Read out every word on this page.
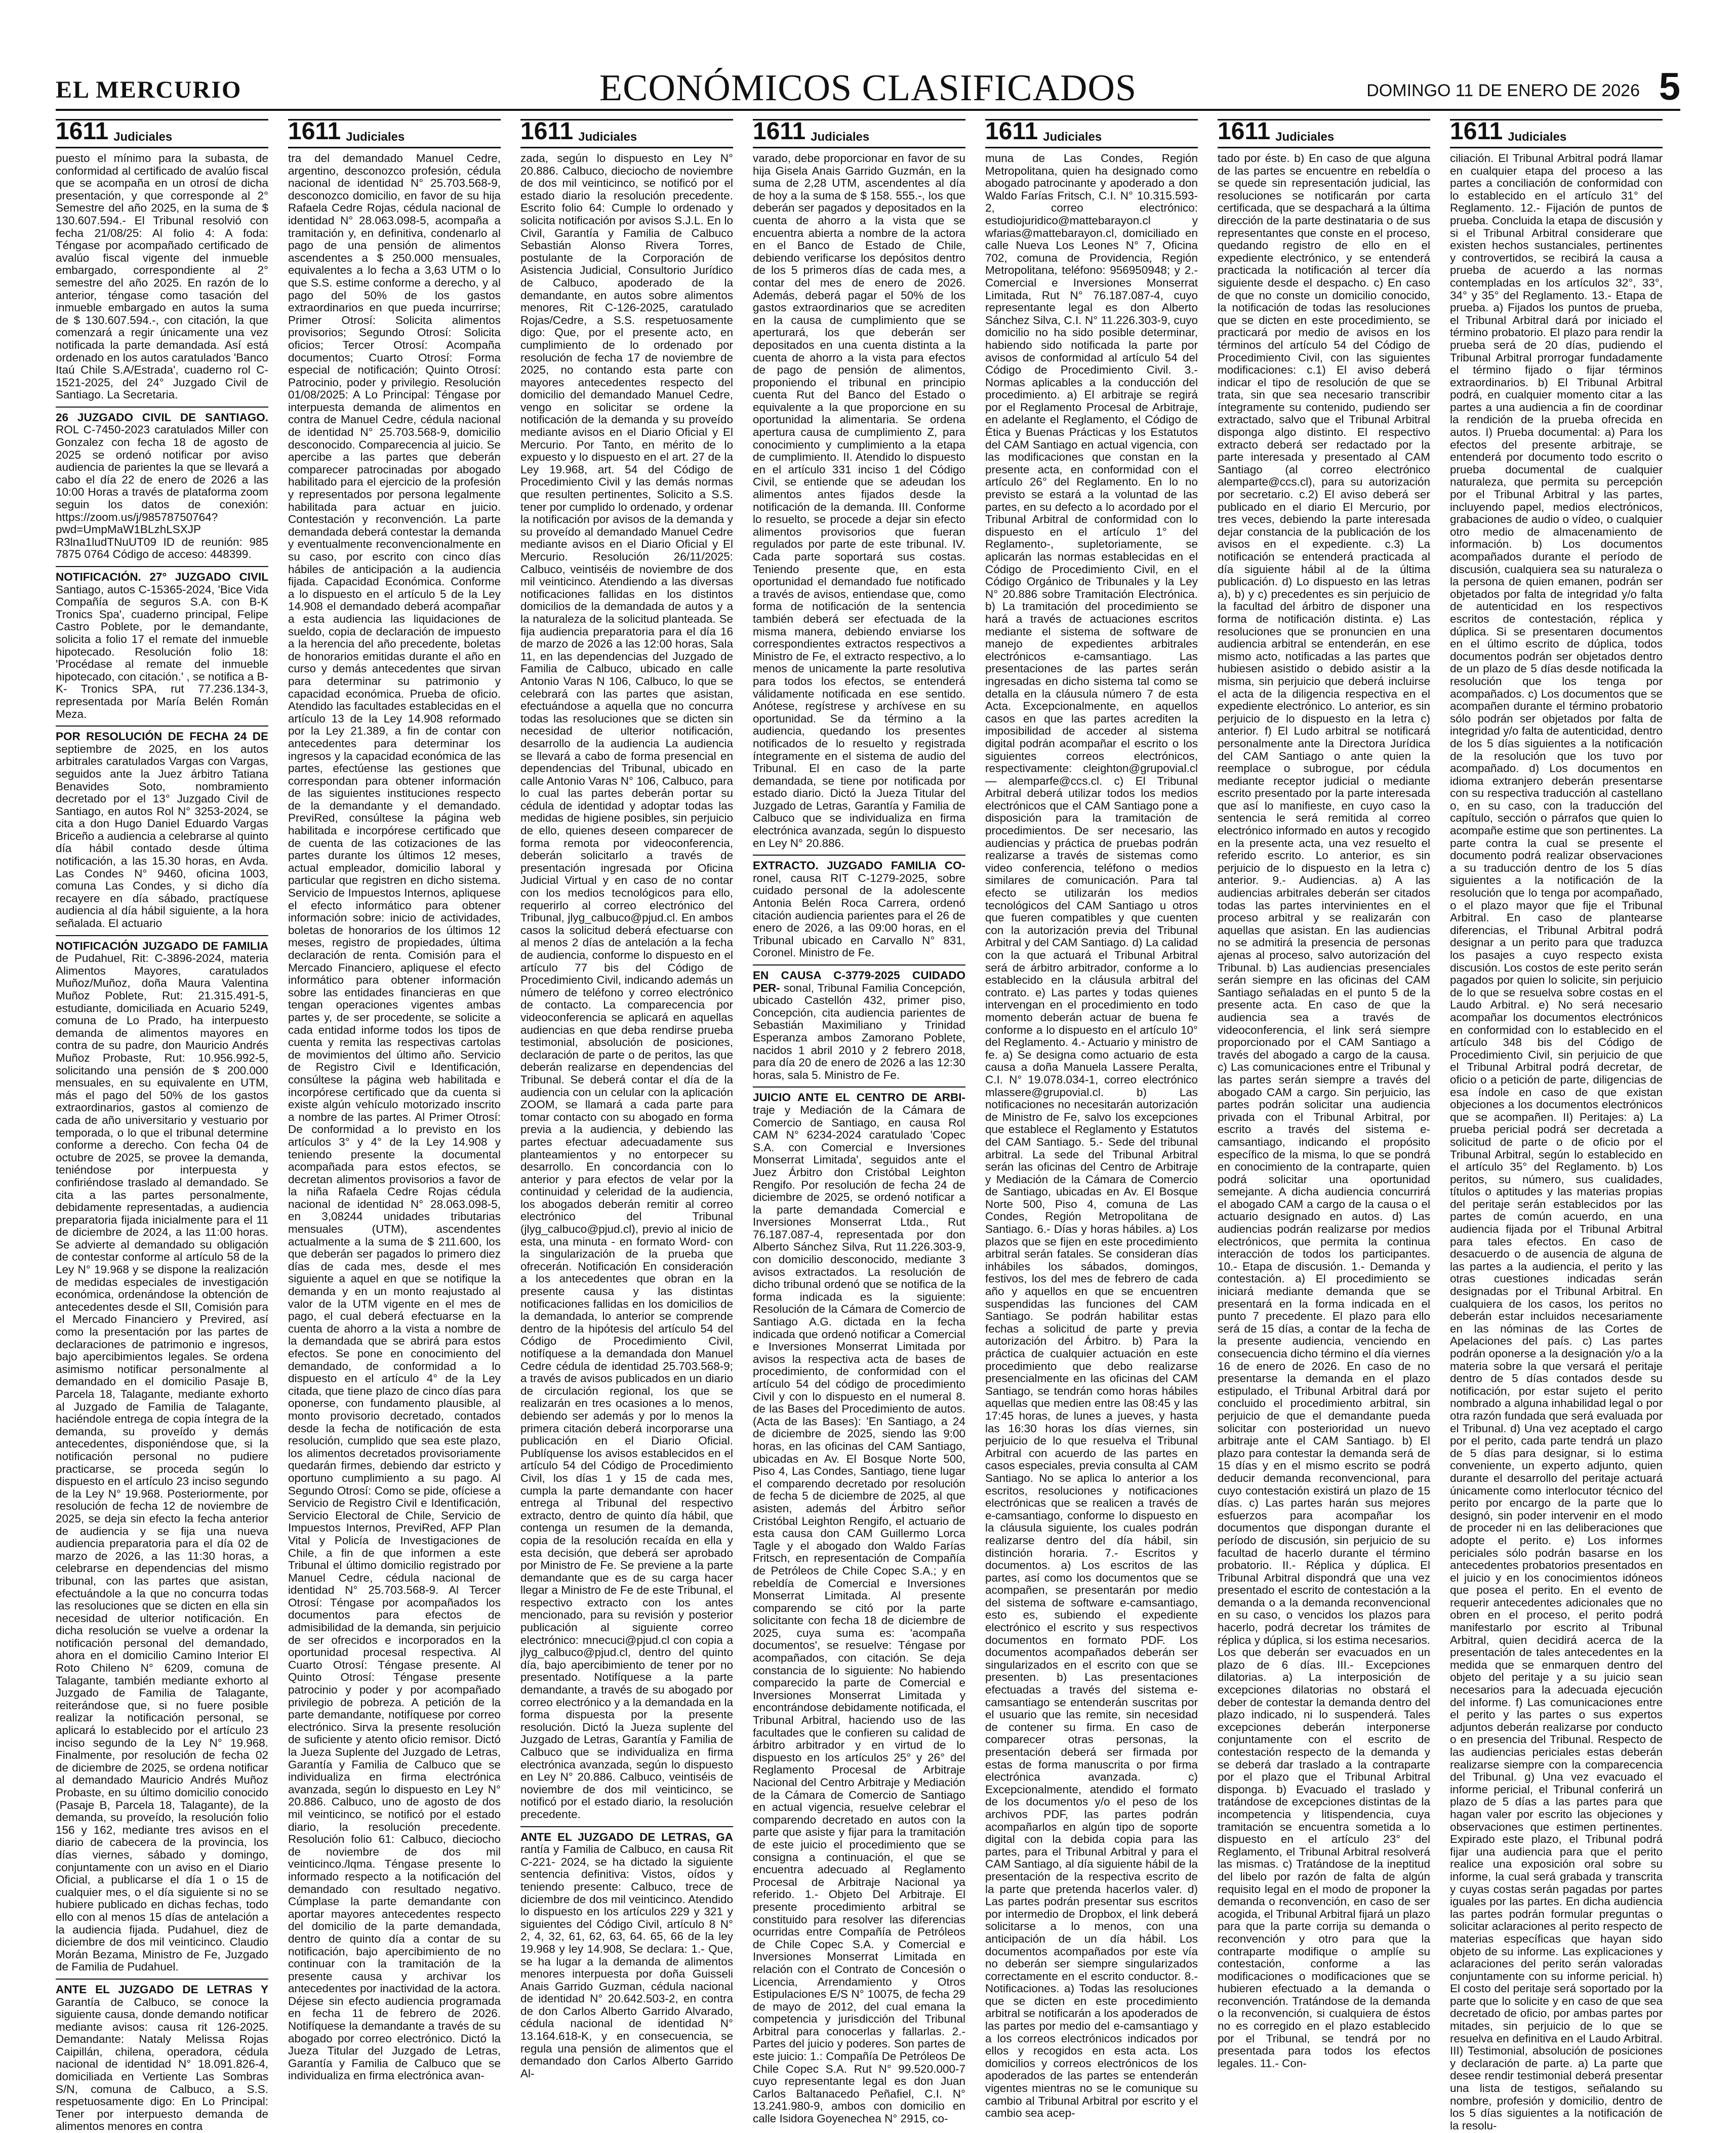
EL MERCURIO	ECONÓMICOS CLASIFICADOS	DOMINGO 11 DE ENERO DE 2026 5
1611 Judiciales

puesto el mínimo para la subasta, de conformidad al certificado de avalúo fiscal que se acompaña en un otrosí de dicha presentación, y que corresponde al 2° Semestre del año 2025, en la suma de $ 130.607.594.- El Tribunal resolvió con fecha 21/08/25: Al folio 4: A foda: Téngase por acompañado certificado de avalúo fiscal vigente del inmueble embargado, correspondiente al 2° semestre del año 2025. En razón de lo anterior, téngase como tasación del inmueble embargado en autos la suma de $ 130.607.594.-, con citación, la que comenzará a regir únicamente una vez notificada la parte demandada. Así está ordenado en los autos caratulados 'Banco Itaú Chile S.A/Estrada', cuaderno rol C-1521-2025, del 24° Juzgado Civil de Santiago. La Secretaria.

26 JUZGADO CIVIL DE SANTIAGO. ROL C-7450-2023 caratulados Miller con Gonzalez con fecha 18 de agosto de 2025 se ordenó notificar por aviso audiencia de parientes la que se llevará a cabo el día 22 de enero de 2026 a las 10:00 Horas a través de plataforma zoom seguin los datos de conexión: https://zoom.us/j/98578750764?pwd=UmpMaW1BLzhLSXJP R3lna1ludTNuUT09 ID de reunión: 985 7875 0764 Código de acceso: 448399.

NOTIFICACIÓN. 27° JUZGADO CIVIL Santiago, autos C-15365-2024, 'Bice Vida Compañía de seguros S.A. con B-K Tronics Spa', cuaderno principal, Felipe Castro Poblete, por le demandante, solicita a folio 17 el remate del inmueble hipotecado. Resolución folio 18: 'Procédase al remate del inmueble hipotecado, con citación.' , se notifica a B-K- Tronics SPA, rut 77.236.134-3, representada por María Belén Román Meza.

POR RESOLUCIÓN DE FECHA 24 DE septiembre de 2025, en los autos arbitrales caratulados Vargas con Vargas, seguidos ante la Juez árbitro Tatiana Benavides Soto, nombramiento decretado por el 13° Juzgado Civil de Santiago, en autos Rol N° 3253-2024, se cita a don Hugo Daniel Eduardo Vargas Briceño a audiencia a celebrarse al quinto día hábil contado desde última notificación, a las 15.30 horas, en Avda. Las Condes N° 9460, oficina 1003, comuna Las Condes, y si dicho día recayere en día sábado, practíquese audiencia al día hábil siguiente, a la hora señalada. El actuario

NOTIFICACIÓN JUZGADO DE FAMILIA de Pudahuel, Rit: C-3896-2024, materia Alimentos Mayores, caratulados Muñoz/Muñoz, doña Maura Valentina Muñoz Poblete, Rut: 21.315.491-5, estudiante, domiciliada en Acuario 5249, comuna de Lo Prado, ha interpuesto demanda de alimentos mayores en contra de su padre, don Mauricio Andrés Muñoz Probaste, Rut: 10.956.992-5, solicitando una pensión de $ 200.000 mensuales, en su equivalente en UTM, más el pago del 50% de los gastos extraordinarios, gastos al comienzo de cada de año universitario y vestuario por temporada, o lo que el tribunal determine conforme a derecho. Con fecha 04 de octubre de 2025, se provee la demanda, teniéndose por interpuesta y confiriéndose traslado al demandado. Se cita a las partes personalmente, debidamente representadas, a audiencia preparatoria fijada inicialmente para el 11 de diciembre de 2024, a las 11:00 horas. Se advierte al demandado su obligación de contestar conforme al artículo 58 de la Ley N° 19.968 y se dispone la realización de medidas especiales de investigación económica, ordenándose la obtención de antecedentes desde el SII, Comisión para el Mercado Financiero y Previred, así como la presentación por las partes de declaraciones de patrimonio e ingresos, bajo apercibimientos legales. Se ordena asimismo notificar personalmente al demandado en el domicilio Pasaje B, Parcela 18, Talagante, mediante exhorto al Juzgado de Familia de Talagante, haciéndole entrega de copia íntegra de la demanda, su proveído y demás antecedentes, disponiéndose que, si la notificación personal no pudiere practicarse, se proceda según lo dispuesto en el artículo 23 inciso segundo de la Ley N° 19.968. Posteriormente, por resolución de fecha 12 de noviembre de 2025, se deja sin efecto la fecha anterior de audiencia y se fija una nueva audiencia preparatoria para el día 02 de marzo de 2026, a las 11:30 horas, a celebrarse en dependencias del mismo tribunal, con las partes que asistan, efectuándole a la que no concurra todas las resoluciones que se dicten en ella sin necesidad de ulterior notificación. En dicha resolución se vuelve a ordenar la notificación personal del demandado, ahora en el domicilio Camino Interior El Roto Chileno N° 6209, comuna de Talagante, también mediante exhorto al Juzgado de Familia de Talagante, reiterándose que, si no fuere posible realizar la notificación personal, se aplicará lo establecido por el artículo 23 inciso segundo de la Ley N° 19.968. Finalmente, por resolución de fecha 02 de diciembre de 2025, se ordena notificar al demandado Mauricio Andrés Muñoz Probaste, en su último domicilio conocido (Pasaje B, Parcela 18, Talagante), de la demanda, su proveído, la resolución folio 156 y 162, mediante tres avisos en el diario de cabecera de la provincia, los días viernes, sábado y domingo, conjuntamente con un aviso en el Diario Oficial, a publicarse el día 1 o 15 de cualquier mes, o el día siguiente si no se hubiere publicado en dichas fechas, todo ello con al menos 15 días de antelación a la audiencia fijada. Pudahuel, diez de diciembre de dos mil veinticinco. Claudio Morán Bezama, Ministro de Fe, Juzgado de Familia de Pudahuel.

ANTE EL JUZGADO DE LETRAS Y Garantía de Calbuco, se conoce la siguiente causa, donde demando notificar mediante avisos: causa rit 126-2025. Demandante: Nataly Melissa Rojas Caipillán, chilena, operadora, cédula nacional de identidad N° 18.091.826-4, domiciliada en Vertiente Las Sombras S/N, comuna de Calbuco, a S.S. respetuosamente digo: En Lo Principal: Tener por interpuesto demanda de alimentos menores en contra

1611 Judiciales

tra del demandado Manuel Cedre, argentino, desconozco profesión, cédula nacional de identidad N° 25.703.568-9, desconozco domicilio, en favor de su hija Rafaela Cedre Rojas, cédula nacional de identidad N° 28.063.098-5, acompaña a tramitación y, en definitiva, condenarlo al pago de una pensión de alimentos ascendentes a $ 250.000 mensuales, equivalentes a lo fecha a 3,63 UTM o lo que S.S. estime conforme a derecho, y al pago del 50% de los gastos extraordinarios en que pueda incurrirse; Primer Otrosí: Solicita alimentos provisorios; Segundo Otrosí: Solicita oficios; Tercer Otrosí: Acompaña documentos; Cuarto Otrosí: Forma especial de notificación; Quinto Otrosí: Patrocinio, poder y privilegio. Resolución 01/08/2025: A Lo Principal: Téngase por interpuesta demanda de alimentos en contra de Manuel Cedre, cédula nacional de identidad N° 25.703.568-9, domicilio desconocido. Comparecencia al juicio. Se apercibe a las partes que deberán comparecer patrocinadas por abogado habilitado para el ejercicio de la profesión y representados por persona legalmente habilitada para actuar en juicio. Contestación y reconvención. La parte demandada deberá contestar la demanda y eventualmente reconvencionalmente en su caso, por escrito con cinco días hábiles de anticipación a la audiencia fijada. Capacidad Económica. Conforme a lo dispuesto en el artículo 5 de la Ley 14.908 el demandado deberá acompañar a esta audiencia las liquidaciones de sueldo, copia de declaración de impuesto a la herencia del año precedente, boletas de honorarios emitidas durante el año en curso y demás antecedentes que sirvan para determinar su patrimonio y capacidad económica. Prueba de oficio. Atendido las facultades establecidas en el artículo 13 de la Ley 14.908 reformado por la Ley 21.389, a fin de contar con antecedentes para determinar los ingresos y la capacidad económica de las partes, efectúense las gestiones que correspondan para obtener información de las siguientes instituciones respecto de la demandante y el demandado. PreviRed, consúltese la página web habilitada e incorpórese certificado que de cuenta de las cotizaciones de las partes durante los últimos 12 meses, actual empleador, domicilio laboral y particular que registren en dicho sistema. Servicio de Impuestos Internos, apliquese el efecto informático para obtener información sobre: inicio de actividades, boletas de honorarios de los últimos 12 meses, registro de propiedades, última declaración de renta. Comisión para el Mercado Financiero, apliquese el efecto informático para obtener información sobre las entidades financieras en que tengan operaciones vigentes ambas partes y, de ser procedente, se solicite a cada entidad informe todos los tipos de cuenta y remita las respectivas cartolas de movimientos del último año. Servicio de Registro Civil e Identificación, consúltese la página web habilitada e incorpórese certificado que da cuenta si existe algún vehículo motorizado inscrito a nombre de las partes. Al Primer Otrosí: De conformidad a lo previsto en los artículos 3° y 4° de la Ley 14.908 y teniendo presente la documental acompañada para estos efectos, se decretan alimentos provisorios a favor de la niña Rafaela Cedre Rojas cédula nacional de identidad N° 28.063.098-5, en 3,08244 unidades tributarias mensuales (UTM), ascendentes actualmente a la suma de $ 211.600, los que deberán ser pagados lo primero diez días de cada mes, desde el mes siguiente a aquel en que se notifique la demanda y en un monto reajustado al valor de la UTM vigente en el mes de pago, el cual deberá efectuarse en la cuenta de ahorro a la vista a nombre de la demandada que se abrirá para estos efectos. Se pone en conocimiento del demandado, de conformidad a lo dispuesto en el artículo 4° de la Ley citada, que tiene plazo de cinco días para oponerse, con fundamento plausible, al monto provisorio decretado, contados desde la fecha de notificación de esta resolución, cumplido que sea este plazo, los alimentos decretados provisoriamente quedarán firmes, debiendo dar estricto y oportuno cumplimiento a su pago. Al Segundo Otrosí: Como se pide, ofíciese a Servicio de Registro Civil e Identificación, Servicio Electoral de Chile, Servicio de Impuestos Internos, PreviRed, AFP Plan Vital y Policía de Investigaciones de Chile, a fin de que informen a este Tribunal el último domicilio registrado por Manuel Cedre, cédula nacional de identidad N° 25.703.568-9. Al Tercer Otrosí: Téngase por acompañados los documentos para efectos de admisibilidad de la demanda, sin perjuicio de ser ofrecidos e incorporados en la oportunidad procesal respectiva. Al Cuarto Otrosí: Téngase presente. Al Quinto Otrosí: Téngase presente patrocinio y poder y por acompañado privilegio de pobreza. A petición de la parte demandante, notifíquese por correo electrónico. Sirva la presente resolución de suficiente y atento oficio remisor. Dictó la Jueza Suplente del Juzgado de Letras, Garantía y Familia de Calbuco que se individualiza en firma electrónica avanzada, según lo dispuesto en Ley N° 20.886. Calbuco, uno de agosto de dos mil veinticinco, se notificó por el estado diario, la resolución precedente. Resolución folio 61: Calbuco, dieciocho de noviembre de dos mil veinticinco./lqma. Téngase presente lo informado respecto a la notificación del demandado con resultado negativo. Cúmplase la parte demandante con aportar mayores antecedentes respecto del domicilio de la parte demandada, dentro de quinto día a contar de su notificación, bajo apercibimiento de no continuar con la tramitación de la presente causa y archivar los antecedentes por inactividad de la actora. Déjese sin efecto audiencia programada en fecha 11 de febrero de 2026. Notifíquese la demandante a través de su abogado por correo electrónico. Dictó la Jueza Titular del Juzgado de Letras, Garantía y Familia de Calbuco que se individualiza en firma electrónica avan-

1611 Judiciales

zada, según lo dispuesto en Ley N° 20.886. Calbuco, dieciocho de noviembre de dos mil veinticinco, se notificó por el estado diario la resolución precedente. Escrito folio 64: Cumple lo ordenado y solicita notificación por avisos S.J.L. En lo Civil, Garantía y Familia de Calbuco Sebastián Alonso Rivera Torres, postulante de la Corporación de Asistencia Judicial, Consultorio Jurídico de Calbuco, apoderado de la demandante, en autos sobre alimentos menores, Rit C-126-2025, caratulado Rojas/Cedre, a S.S. respetuosamente digo: Que, por el presente acto, en cumplimiento de lo ordenado por resolución de fecha 17 de noviembre de 2025, no contando esta parte con mayores antecedentes respecto del domicilio del demandado Manuel Cedre, vengo en solicitar se ordene la notificación de la demanda y su proveído mediante avisos en el Diario Oficial y El Mercurio. Por Tanto, en mérito de lo expuesto y lo dispuesto en el art. 27 de la Ley 19.968, art. 54 del Código de Procedimiento Civil y las demás normas que resulten pertinentes, Solicito a S.S. tener por cumplido lo ordenado, y ordenar la notificación por avisos de la demanda y su proveído al demandado Manuel Cedre mediante avisos en el Diario Oficial y El Mercurio. Resolución 26/11/2025: Calbuco, veintiséis de noviembre de dos mil veinticinco. Atendiendo a las diversas notificaciones fallidas en los distintos domicilios de la demandada de autos y a la naturaleza de la solicitud planteada. Se fija audiencia preparatoria para el día 16 de marzo de 2026 a las 12:00 horas, Sala 11, en las dependencias del Juzgado de Familia de Calbuco, ubicado en calle Antonio Varas N 106, Calbuco, lo que se celebrará con las partes que asistan, efectuándose a aquella que no concurra todas las resoluciones que se dicten sin necesidad de ulterior notificación, desarrollo de la audiencia La audiencia se llevará a cabo de forma presencial en dependencias del Tribunal, ubicado en calle Antonio Varas N° 106, Calbuco, para lo cual las partes deberán portar su cédula de identidad y adoptar todas las medidas de higiene posibles, sin perjuicio de ello, quienes deseen comparecer de forma remota por videoconferencia, deberán solicitarlo a través de presentación ingresada por Oficina Judicial Virtual y en caso de no contar con los medios tecnológicos para ello, requerirlo al correo electrónico del Tribunal, jlyg_calbuco@pjud.cl. En ambos casos la solicitud deberá efectuarse con al menos 2 días de antelación a la fecha de audiencia, conforme lo dispuesto en el artículo 77 bis del Código de Procedimiento Civil, indicando además un número de teléfono y correo electrónico de contacto. La comparecencia por videoconferencia se aplicará en aquellas audiencias en que deba rendirse prueba testimonial, absolución de posiciones, declaración de parte o de peritos, las que deberán realizarse en dependencias del Tribunal. Se deberá contar el día de la audiencia con un celular con la aplicación ZOOM, se llamará a cada parte para tomar contacto con su abogado en forma previa a la audiencia, y debiendo las partes efectuar adecuadamente sus planteamientos y no entorpecer su desarrollo. En concordancia con lo anterior y para efectos de velar por la continuidad y celeridad de la audiencia, los abogados deberán remitir al correo electrónico del Tribunal (jlyg_calbuco@pjud.cl), previo al inicio de esta, una minuta - en formato Word- con la singularización de la prueba que ofrecerán. Notificación En consideración a los antecedentes que obran en la presente causa y las distintas notificaciones fallidas en los domicilios de la demandada, lo anterior se comprende dentro de la hipótesis del artículo 54 del Código de Procedimiento Civil, notifíquese a la demandada don Manuel Cedre cédula de identidad 25.703.568-9; a través de avisos publicados en un diario de circulación regional, los que se realizarán en tres ocasiones a lo menos, debiendo ser además y por lo menos la primera citación deberá incorporarse una publicación en el Diario Oficial. Publíquense los avisos establecidos en el artículo 54 del Código de Procedimiento Civil, los días 1 y 15 de cada mes, cumpla la parte demandante con hacer entrega al Tribunal del respectivo extracto, dentro de quinto día hábil, que contenga un resumen de la demanda, copia de la resolución recaída en ella y esta decisión, que deberá ser aprobado por Ministro de Fe. Se previene a la parte demandante que es de su carga hacer llegar a Ministro de Fe de este Tribunal, el respectivo extracto con los antes mencionado, para su revisión y posterior publicación al siguiente correo electrónico: mnecuci@pjud.cl con copia a jlyg_calbuco@pjud.cl, dentro del quinto día, bajo apercibimiento de tener por no presentado. Notifíquese a la parte demandante, a través de su abogado por correo electrónico y a la demandada en la forma dispuesta por la presente resolución. Dictó la Jueza suplente del Juzgado de Letras, Garantía y Familia de Calbuco que se individualiza en firma electrónica avanzada, según lo dispuesto en Ley N° 20.886. Calbuco, veintiséis de noviembre de dos mil veinticinco, se notificó por el estado diario, la resolución precedente.

ANTE EL JUZGADO DE LETRAS, GA rantía y Familia de Calbuco, en causa Rit C-221- 2024, se ha dictado la siguiente sentencia definitiva: Vistos, oídos y teniendo presente: Calbuco, trece de diciembre de dos mil veinticinco. Atendido lo dispuesto en los artículos 229 y 321 y siguientes del Código Civil, artículo 8 N° 2, 4, 32, 61, 62, 63, 64. 65, 66 de la ley 19.968 y ley 14.908, Se declara: 1.- Que, se ha lugar a la demanda de alimentos menores interpuesta por doña Guisseli Anais Garrido Guzman, cédula nacional de identidad N° 20.642.503-2, en contra de don Carlos Alberto Garrido Alvarado, cédula nacional de identidad N° 13.164.618-K, y en consecuencia, se regula una pensión de alimentos que el demandado don Carlos Alberto Garrido Al-

1611 Judiciales

varado, debe proporcionar en favor de su hija Gisela Anais Garrido Guzmán, en la suma de 2,28 UTM, ascendentes al día de hoy a la suma de $ 158. 555.-, los que deberán ser pagados y depositados en la cuenta de ahorro a la vista que se encuentra abierta a nombre de la actora en el Banco de Estado de Chile, debiendo verificarse los depósitos dentro de los 5 primeros días de cada mes, a contar del mes de enero de 2026. Además, deberá pagar el 50% de los gastos extraordinarios que se acrediten en la causa de cumplimiento que se aperturará, los que deberán ser depositados en una cuenta distinta a la cuenta de ahorro a la vista para efectos de pago de pensión de alimentos, proponiendo el tribunal en principio cuenta Rut del Banco del Estado o equivalente a la que proporcione en su oportunidad la alimentaria. Se ordena apertura causa de cumplimiento Z, para conocimiento y cumplimiento a la etapa de cumplimiento. II. Atendido lo dispuesto en el artículo 331 inciso 1 del Código Civil, se entiende que se adeudan los alimentos antes fijados desde la notificación de la demanda. III. Conforme lo resuelto, se procede a dejar sin efecto alimentos provisorios que fueran regulados por parte de este tribunal. IV. Cada parte soportará sus costas. Teniendo presente que, en esta oportunidad el demandado fue notificado a través de avisos, entiendase que, como forma de notificación de la sentencia también deberá ser efectuada de la misma manera, debiendo enviarse los correspondientes extractos respectivos a Ministro de Fe, el extracto respectivo, a lo menos de unicamente la parte resolutiva para todos los efectos, se entenderá válidamente notificada en ese sentido. Anótese, regístrese y archívese en su oportunidad. Se da término a la audiencia, quedando los presentes notificados de lo resuelto y registrada íntegramente en el sistema de audio del Tribunal. El en caso de la parte demandada, se tiene por notificada por estado diario. Dictó la Jueza Titular del Juzgado de Letras, Garantía y Familia de Calbuco que se individualiza en firma electrónica avanzada, según lo dispuesto en Ley N° 20.886.

EXTRACTO. JUZGADO FAMILIA CO- ronel, causa RIT C-1279-2025, sobre cuidado personal de la adolescente Antonia Belén Roca Carrera, ordenó citación audiencia parientes para el 26 de enero de 2026, a las 09:00 horas, en el Tribunal ubicado en Carvallo N° 831, Coronel. Ministro de Fe.

EN CAUSA C-3779-2025 CUIDADO PER- sonal, Tribunal Familia Concepción, ubicado Castellón 432, primer piso, Concepción, cita audiencia parientes de Sebastián Maximiliano y Trinidad Esperanza ambos Zamorano Poblete, nacidos 1 abril 2010 y 2 febrero 2018, para día 20 de enero de 2026 a las 12:30 horas, sala 5. Ministro de Fe.

JUICIO ANTE EL CENTRO DE ARBI- traje y Mediación de la Cámara de Comercio de Santiago, en causa Rol CAM N° 6234-2024 caratulado 'Copec S.A. con Comercial e Inversiones Monserrat Limitada', seguidos ante el Juez Árbitro don Cristóbal Leighton Rengifo. Por resolución de fecha 24 de diciembre de 2025, se ordenó notificar a la parte demandada Comercial e Inversiones Monserrat Ltda., Rut 76.187.087-4, representada por don Alberto Sánchez Silva, Rut 11.226.303-9, con domicilio desconocido, mediante 3 avisos extractados. La resolución de dicho tribunal ordenó que se notifica de la forma indicada es la siguiente: Resolución de la Cámara de Comercio de Santiago A.G. dictada en la fecha indicada que ordenó notificar a Comercial e Inversiones Monserrat Limitada por avisos la respectiva acta de bases de procedimiento, de conformidad con el artículo 54 del código de procedimiento Civil y con lo dispuesto en el numeral 8. de las Bases del Procedimiento de autos. (Acta de las Bases): 'En Santiago, a 24 de diciembre de 2025, siendo las 9:00 horas, en las oficinas del CAM Santiago, ubicadas en Av. El Bosque Norte 500, Piso 4, Las Condes, Santiago, tiene lugar el comparendo decretado por resolución de fecha 5 de diciembre de 2025, al que asisten, además del Árbitro señor Cristóbal Leighton Rengifo, el actuario de esta causa don CAM Guillermo Lorca Tagle y el abogado don Waldo Farías Fritsch, en representación de Compañía de Petróleos de Chile Copec S.A.; y en rebeldía de Comercial e Inversiones Monserrat Limitada. Al presente comparendo se citó por la parte solicitante con fecha 18 de diciembre de 2025, cuya suma es: 'acompaña documentos', se resuelve: Téngase por acompañados, con citación. Se deja constancia de lo siguiente: No habiendo comparecido la parte de Comercial e Inversiones Monserrat Limitada y encontrándose debidamente notificada, el Tribunal Arbitral, haciendo uso de las facultades que le confieren su calidad de árbitro arbitrador y en virtud de lo dispuesto en los artículos 25° y 26° del Reglamento Procesal de Arbitraje Nacional del Centro Arbitraje y Mediación de la Cámara de Comercio de Santiago en actual vigencia, resuelve celebrar el comparendo decretado en autos con la parte que asiste y fijar para la tramitación de este juicio el procedimiento que se consigna a continuación, el que se encuentra adecuado al Reglamento Procesal de Arbitraje Nacional ya referido. 1.- Objeto Del Arbitraje. El presente procedimiento arbitral se constituido para resolver las diferencias ocurridas entre Compañía de Petróleos de Chile Copec S.A. y Comercial e Inversiones Monserrat Limitada en relación con el Contrato de Concesión o Licencia, Arrendamiento y Otros Estipulaciones E/S N° 10075, de fecha 29 de mayo de 2012, del cual emana la competencia y jurisdicción del Tribunal Arbitral para conocerlas y fallarlas. 2.- Partes del juicio y poderes. Son partes de este juicio: 1.: Compañía De Petróleos De Chile Copec S.A. Rut N° 99.520.000-7 cuyo representante legal es don Juan Carlos Baltanacedo Peñafiel, C.I. N° 13.241.980-9, ambos con domicilio en calle Isidora Goyenechea N° 2915, co-

1611 Judiciales

muna de Las Condes, Región Metropolitana, quien ha designado como abogado patrocinante y apoderado a don Waldo Farías Fritsch, C.I. N° 10.315.593-2, correo electrónico: estudiojuridico@mattebarayon.cl y wfarias@mattebarayon.cl, domiciliado en calle Nueva Los Leones N° 7, Oficina 702, comuna de Providencia, Región Metropolitana, teléfono: 956950948; y 2.- Comercial e Inversiones Monserrat Limitada, Rut N° 76.187.087-4, cuyo representante legal es don Alberto Sánchez Silva, C.I. N° 11.226.303-9, cuyo domicilio no ha sido posible determinar, habiendo sido notificada la parte por avisos de conformidad al artículo 54 del Código de Procedimiento Civil. 3.- Normas aplicables a la conducción del procedimiento. a) El arbitraje se regirá por el Reglamento Procesal de Arbitraje, en adelante el Reglamento, el Código de Ética y Buenas Prácticas y los Estatutos del CAM Santiago en actual vigencia, con las modificaciones que constan en la presente acta, en conformidad con el artículo 26° del Reglamento. En lo no previsto se estará a la voluntad de las partes, en su defecto a lo acordado por el Tribunal Arbitral de conformidad con lo dispuesto en el artículo 1° del Reglamento-, supletoriamente, se aplicarán las normas establecidas en el Código de Procedimiento Civil, en el Código Orgánico de Tribunales y la Ley N° 20.886 sobre Tramitación Electrónica. b) La tramitación del procedimiento se hará a través de actuaciones escritos mediante el sistema de software de manejo de expedientes arbitrales electrónicos e-camsantiago. Las presentaciones de las partes serán ingresadas en dicho sistema tal como se detalla en la cláusula número 7 de esta Acta. Excepcionalmente, en aquellos casos en que las partes acrediten la imposibilidad de acceder al sistema digital podrán acompañar el escrito o los siguientes correos electrónicos, respectivamente: cleighton@grupovial.cl — alemparfe@ccs.cl. c) El Tribunal Arbitral deberá utilizar todos los medios electrónicos que el CAM Santiago pone a disposición para la tramitación de procedimientos. De ser necesario, las audiencias y práctica de pruebas podrán realizarse a través de sistemas como video conferencia, teléfono o medios similares de comunicación. Para tal efecto se utilizarán los medios tecnológicos del CAM Santiago u otros que fueren compatibles y que cuenten con la autorización previa del Tribunal Arbitral y del CAM Santiago. d) La calidad con la que actuará el Tribunal Arbitral será de árbitro arbitrador, conforme a lo establecido en la cláusula arbitral del contrato. e) Las partes y todas quienes intervengan en el procedimiento en todo momento deberán actuar de buena fe conforme a lo dispuesto en el artículo 10° del Reglamento. 4.- Actuario y ministro de fe. a) Se designa como actuario de esta causa a doña Manuela Lassere Peralta, C.I. N° 19.078.034-1, correo electrónico mlassere@grupovial.cl. b) Las notificaciones no necesitarán autorización de Ministro de Fe, salvo los excepciones que establece el Reglamento y Estatutos del CAM Santiago. 5.- Sede del tribunal arbitral. La sede del Tribunal Arbitral serán las oficinas del Centro de Arbitraje y Mediación de la Cámara de Comercio de Santiago, ubicadas en Av. El Bosque Norte 500, Piso 4, comuna de Las Condes, Región Metropolitana de Santiago. 6.- Días y horas hábiles. a) Los plazos que se fijen en este procedimiento arbitral serán fatales. Se consideran días inhábiles los sábados, domingos, festivos, los del mes de febrero de cada año y aquellos en que se encuentren suspendidas las funciones del CAM Santiago. Se podrán habilitar estas fechas a solicitud de parte y previa autorización del Árbitro. b) Para la práctica de cualquier actuación en este procedimiento que debo realizarse presencialmente en las oficinas del CAM Santiago, se tendrán como horas hábiles aquellas que medien entre las 08:45 y las 17:45 horas, de lunes a jueves, y hasta las 16:30 horas los días viernes, sin perjuicio de lo que resuelva el Tribunal Arbitral con acuerdo de las partes en casos especiales, previa consulta al CAM Santiago. No se aplica lo anterior a los escritos, resoluciones y notificaciones electrónicas que se realicen a través de e-camsantiago, conforme lo dispuesto en la cláusula siguiente, los cuales podrán realizarse dentro del día hábil, sin distinción horaria. 7.- Escritos y documentos. a) Los escritos de las partes, así como los documentos que se acompañen, se presentarán por medio del sistema de software e-camsantiago, esto es, subiendo el expediente electrónico el escrito y sus respectivos documentos en formato PDF. Los documentos acompañados deberán ser singularizados en el escrito con que se presenten. b) Las presentaciones efectuadas a través del sistema e-camsantiago se entenderán suscritas por el usuario que las remite, sin necesidad de contener su firma. En caso de comparecer otras personas, la presentación deberá ser firmada por estas de forma manuscrita o por firma electrónica avanzada. c) Excepcionalmente, atendido el formato de los documentos y/o el peso de los archivos PDF, las partes podrán acompañarlos en algún tipo de soporte digital con la debida copia para las partes, para el Tribunal Arbitral y para el CAM Santiago, al día siguiente hábil de la presentación de la respectiva escrito de la parte que pretenda hacerlos valer. d) Las partes podrán presentar sus escritos por intermedio de Dropbox, el link deberá solicitarse a lo menos, con una anticipación de un día hábil. Los documentos acompañados por este vía no deberán ser siempre singularizados correctamente en el escrito conductor. 8.- Notificaciones. a) Todas las resoluciones que se dicten en este procedimiento arbitral se notificarán a los apoderados de las partes por medio del e-camsantiago y a los correos electrónicos indicados por ellos y recogidos en esta acta. Los domicilios y correos electrónicos de los apoderados de las partes se entenderán vigentes mientras no se le comunique su cambio al Tribunal Arbitral por escrito y el cambio sea acep-

1611 Judiciales

tado por éste. b) En caso de que alguna de las partes se encuentre en rebeldía o se quede sin representación judicial, las resoluciones se notificarán por carta certificada, que se despachará a la última dirección de la parte destinataria o de sus representantes que conste en el proceso, quedando registro de ello en el expediente electrónico, y se entenderá practicada la notificación al tercer día siguiente desde el despacho. c) En caso de que no conste un domicilio conocido, la notificación de todas las resoluciones que se dicten en este procedimiento, se practicará por medio de avisos en los términos del artículo 54 del Código de Procedimiento Civil, con las siguientes modificaciones: c.1) El aviso deberá indicar el tipo de resolución de que se trata, sin que sea necesario transcribir íntegramente su contenido, pudiendo ser extractado, salvo que el Tribunal Arbitral disponga algo distinto. El respectivo extracto deberá ser redactado por la parte interesada y presentado al CAM Santiago (al correo electrónico alemparte@ccs.cl), para su autorización por secretario. c.2) El aviso deberá ser publicado en el diario El Mercurio, por tres veces, debiendo la parte interesada dejar constancia de la publicación de los avisos en el expediente. c.3) La notificación se entenderá practicada al día siguiente hábil al de la última publicación. d) Lo dispuesto en las letras a), b) y c) precedentes es sin perjuicio de la facultad del árbitro de disponer una forma de notificación distinta. e) Las resoluciones que se pronuncien en una audiencia arbitral se entenderán, en ese mismo acto, notificadas a las partes que hubiesen asistido o debido asistir a la misma, sin perjuicio que deberá incluirse el acta de la diligencia respectiva en el expediente electrónico. Lo anterior, es sin perjuicio de lo dispuesto en la letra c) anterior. f) El Ludo arbitral se notificará personalmente ante la Directora Jurídica del CAM Santiago o ante quien la reemplace o subrogue, por cédula mediante receptor judicial o mediante escrito presentado por la parte interesada que así lo manifieste, en cuyo caso la sentencia le será remitida al correo electrónico informado en autos y recogido en la presente acta, una vez resuelto el referido escrito. Lo anterior, es sin perjuicio de lo dispuesto en la letra c) anterior. 9.- Audiencias. a) A las audiencias arbitrales deberán ser citados todas las partes intervinientes en el proceso arbitral y se realizarán con aquellas que asistan. En las audiencias no se admitirá la presencia de personas ajenas al proceso, salvo autorización del Tribunal. b) Las audiencias presenciales serán siempre en las oficinas del CAM Santiago señaladas en el punto 5 de la presente acta. En caso de que la audiencia sea a través de videoconferencia, el link será siempre proporcionado por el CAM Santiago a través del abogado a cargo de la causa. c) Las comunicaciones entre el Tribunal y las partes serán siempre a través del abogado CAM a cargo. Sin perjuicio, las partes podrán solicitar una audiencia privada con el Tribunal Arbitral, por escrito a través del sistema e-camsantiago, indicando el propósito específico de la misma, lo que se pondrá en conocimiento de la contraparte, quien podrá solicitar una oportunidad semejante. A dicha audiencia concurrirá el abogado CAM a cargo de la causa o el actuario designado en autos. d) Las audiencias podrán realizarse por medios electrónicos, que permita la continua interacción de todos los participantes. 10.- Etapa de discusión. 1.- Demanda y contestación. a) El procedimiento se iniciará mediante demanda que se presentará en la forma indicada en el punto 7 precedente. El plazo para ello será de 15 días, a contar de la fecha de la presente audiencia, venciendo en consecuencia dicho término el día viernes 16 de enero de 2026. En caso de no presentarse la demanda en el plazo estipulado, el Tribunal Arbitral dará por concluido el procedimiento arbitral, sin perjuicio de que el demandante pueda solicitar con posterioridad un nuevo arbitraje ante el CAM Santiago. b) El plazo para contestar la demanda será de 15 días y en el mismo escrito se podrá deducir demanda reconvencional, para cuyo contestación existirá un plazo de 15 días. c) Las partes harán sus mejores esfuerzos para acompañar los documentos que dispongan durante el período de discusión, sin perjuicio de su facultad de hacerlo durante el término probatorio. II.- Réplica y dúplica. El Tribunal Arbitral dispondrá que una vez presentado el escrito de contestación a la demanda o a la demanda reconvencional en su caso, o vencidos los plazos para hacerlo, podrá decretar los trámites de réplica y dúplica, si los estima necesarios. Los que deberán ser evacuados en un plazo de 6 días. III.- Excepciones dilatorias. a) La interposición de excepciones dilatorias no obstará el deber de contestar la demanda dentro del plazo indicado, ni lo suspenderá. Tales excepciones deberán interponerse conjuntamente con el escrito de contestación respecto de la demanda y se deberá dar traslado a la contraparte por el plazo que el Tribunal Arbitral disponga. b) Evacuado el traslado y tratándose de excepciones distintas de la incompetencia y litispendencia, cuya tramitación se encuentra sometida a lo dispuesto en el artículo 23° del Reglamento, el Tribunal Arbitral resolverá las mismas. c) Tratándose de la ineptitud del libelo por razón de falta de algún requisito legal en el modo de proponer la demanda o reconvención, en caso de ser acogida, el Tribunal Arbitral fijará un plazo para que la parte corrija su demanda o reconvención y otro para que la contraparte modifique o amplíe su contestación, conforme a las modificaciones o modificaciones que se hubieren efectuado a la demanda o reconvención. Tratándose de la demanda o la reconvención, si cualquiera de éstos no es corregido en el plazo establecido por el Tribunal, se tendrá por no presentada para todos los efectos legales. 11.- Con-

1611 Judiciales

ciliación. El Tribunal Arbitral podrá llamar en cualquier etapa del proceso a las partes a conciliación de conformidad con lo establecido en el artículo 31° del Reglamento. 12.- Fijación de puntos de prueba. Concluida la etapa de discusión y si el Tribunal Arbitral considerare que existen hechos sustanciales, pertinentes y controvertidos, se recibirá la causa a prueba de acuerdo a las normas contempladas en los artículos 32°, 33°, 34° y 35° del Reglamento. 13.- Etapa de prueba. a) Fijados los puntos de prueba, el Tribunal Arbitral dará por iniciado el término probatorio. El plazo para rendir la prueba será de 20 días, pudiendo el Tribunal Arbitral prorrogar fundadamente el término fijado o fijar términos extraordinarios. b) El Tribunal Arbitral podrá, en cualquier momento citar a las partes a una audiencia a fin de coordinar la rendición de la prueba ofrecida en autos. I) Prueba documental: a) Para los efectos del presente arbitraje, se entenderá por documento todo escrito o prueba documental de cualquier naturaleza, que permita su percepción por el Tribunal Arbitral y las partes, incluyendo papel, medios electrónicos, grabaciones de audio o vídeo, o cualquier otro medio de almacenamiento de información. b) Los documentos acompañados durante el período de discusión, cualquiera sea su naturaleza o la persona de quien emanen, podrán ser objetados por falta de integridad y/o falta de autenticidad en los respectivos escritos de contestación, réplica y dúplica. Si se presentaren documentos en el último escrito de dúplica, todos documentos podrán ser objetados dentro de un plazo de 5 días desde notificada la resolución que los tenga por acompañados. c) Los documentos que se acompañen durante el término probatorio sólo podrán ser objetados por falta de integridad y/o falta de autenticidad, dentro de los 5 días siguientes a la notificación de la resolución que los tuvo por acompañado. d) Los documentos en idioma extranjero deberán presentarse con su respectiva traducción al castellano o, en su caso, con la traducción del capítulo, sección o párrafos que quien lo acompañe estime que son pertinentes. La parte contra la cual se presente el documento podrá realizar observaciones a su traducción dentro de los 5 días siguientes a la notificación de la resolución que lo tenga por acompañado, o el plazo mayor que fije el Tribunal Arbitral. En caso de plantearse diferencias, el Tribunal Arbitral podrá designar a un perito para que traduzca los pasajes a cuyo respecto exista discusión. Los costos de este perito serán pagados por quien lo solicite, sin perjuicio de lo que se resuelva sobre costas en el Laudo Arbitral. e) No será necesario acompañar los documentos electrónicos en conformidad con lo establecido en el artículo 348 bis del Código de Procedimiento Civil, sin perjuicio de que el Tribunal Arbitral podrá decretar, de oficio o a petición de parte, diligencias de esa índole en caso de que existan objeciones a los documentos electrónicos que se acompañen. II) Peritajes: a) La prueba pericial podrá ser decretada a solicitud de parte o de oficio por el Tribunal Arbitral, según lo establecido en el artículo 35° del Reglamento. b) Los peritos, su número, sus cualidades, títulos o aptitudes y las materias propias del peritaje serán establecidos por las partes de común acuerdo, en una audiencia fijada por el Tribunal Arbitral para tales efectos. En caso de desacuerdo o de ausencia de alguna de las partes a la audiencia, el perito y las otras cuestiones indicadas serán designadas por el Tribunal Arbitral. En cualquiera de los casos, los peritos no deberán estar incluidos necesariamente en las nóminas de las Cortes de Apelaciones del país. c) Las partes podrán oponerse a la designación y/o a la materia sobre la que versará el peritaje dentro de 5 días contados desde su notificación, por estar sujeto el perito nombrado a alguna inhabilidad legal o por otra razón fundada que será evaluada por el Tribunal. d) Una vez aceptado el cargo por el perito, cada parte tendrá un plazo de 5 días para designar, si lo estima conveniente, un experto adjunto, quien durante el desarrollo del peritaje actuará únicamente como interlocutor técnico del perito por encargo de la parte que lo designó, sin poder intervenir en el modo de proceder ni en las deliberaciones que adopte el perito. e) Los informes periciales sólo podrán basarse en los antecedentes probatorios presentados en el juicio y en los conocimientos idóneos que posea el perito. En el evento de requerir antecedentes adicionales que no obren en el proceso, el perito podrá manifestarlo por escrito al Tribunal Arbitral, quien decidirá acerca de la presentación de tales antecedentes en la medida que se enmarquen dentro del objeto del peritaje y a su juicio sean necesarios para la adecuada ejecución del informe. f) Las comunicaciones entre el perito y las partes o sus expertos adjuntos deberán realizarse por conducto o en presencia del Tribunal. Respecto de las audiencias periciales estas deberán realizarse siempre con la comparecencia del Tribunal. g) Una vez evacuado el informe pericial, el Tribunal conferirá un plazo de 5 días a las partes para que hagan valer por escrito las objeciones y observaciones que estimen pertinentes. Expirado este plazo, el Tribunal podrá fijar una audiencia para que el perito realice una exposición oral sobre su informe, la cual será grabada y transcrita y cuyas costas serán pagadas por partes iguales por las partes. En dicha audiencia las partes podrán formular preguntas o solicitar aclaraciones al perito respecto de materias específicas que hayan sido objeto de su informe. Las explicaciones y aclaraciones del perito serán valoradas conjuntamente con su informe pericial. h) El costo del peritaje será soportado por la parte que lo solicite y en caso de que sea decretado de oficio, por ambas partes por mitades, sin perjuicio de lo que se resuelva en definitiva en el Laudo Arbitral. III) Testimonial, absolución de posiciones y declaración de parte. a) La parte que desee rendir testimonial deberá presentar una lista de testigos, señalando su nombre, profesión y domicilio, dentro de los 5 días siguientes a la notificación de la resolu-
